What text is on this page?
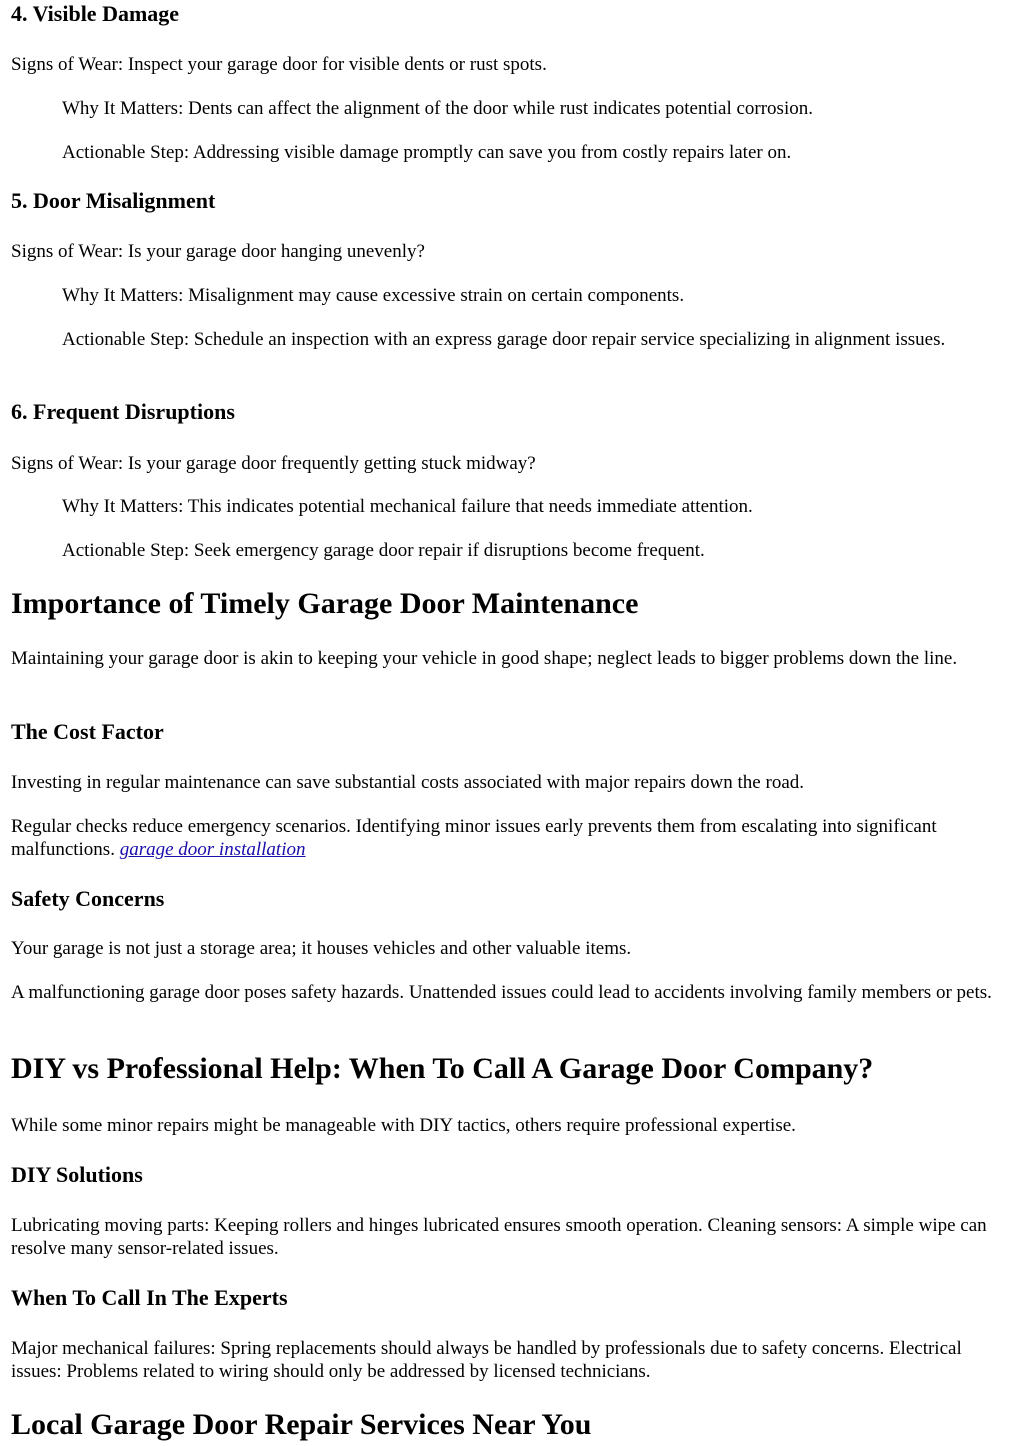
4. Visible Damage

Signs of Wear: Inspect your garage door for visible dents or rust spots.

Why It Matters: Dents can affect the alignment of the door while rust indicates potential corrosion.

Actionable Step: Addressing visible damage promptly can save you from costly repairs later on.

5. Door Misalignment

Signs of Wear: Is your garage door hanging unevenly?

Why It Matters: Misalignment may cause excessive strain on certain components.

Actionable Step: Schedule an inspection with an express garage door repair service specializing in alignment issues.

6. Frequent Disruptions

Signs of Wear: Is your garage door frequently getting stuck midway?

Why It Matters: This indicates potential mechanical failure that needs immediate attention.

Actionable Step: Seek emergency garage door repair if disruptions become frequent.

Importance of Timely Garage Door Maintenance

Maintaining your garage door is akin to keeping your vehicle in good shape; neglect leads to bigger problems down the line.

The Cost Factor

Investing in regular maintenance can save substantial costs associated with major repairs down the road.

Regular checks reduce emergency scenarios. Identifying minor issues early prevents them from escalating into significant malfunctions. garage door installation

Safety Concerns

Your garage is not just a storage area; it houses vehicles and other valuable items.

A malfunctioning garage door poses safety hazards. Unattended issues could lead to accidents involving family members or pets.

DIY vs Professional Help: When To Call A Garage Door Company?

While some minor repairs might be manageable with DIY tactics, others require professional expertise.

DIY Solutions

Lubricating moving parts: Keeping rollers and hinges lubricated ensures smooth operation. Cleaning sensors: A simple wipe can resolve many sensor-related issues.

When To Call In The Experts

Major mechanical failures: Spring replacements should always be handled by professionals due to safety concerns. Electrical issues: Problems related to wiring should only be addressed by licensed technicians.

Local Garage Door Repair Services Near You
